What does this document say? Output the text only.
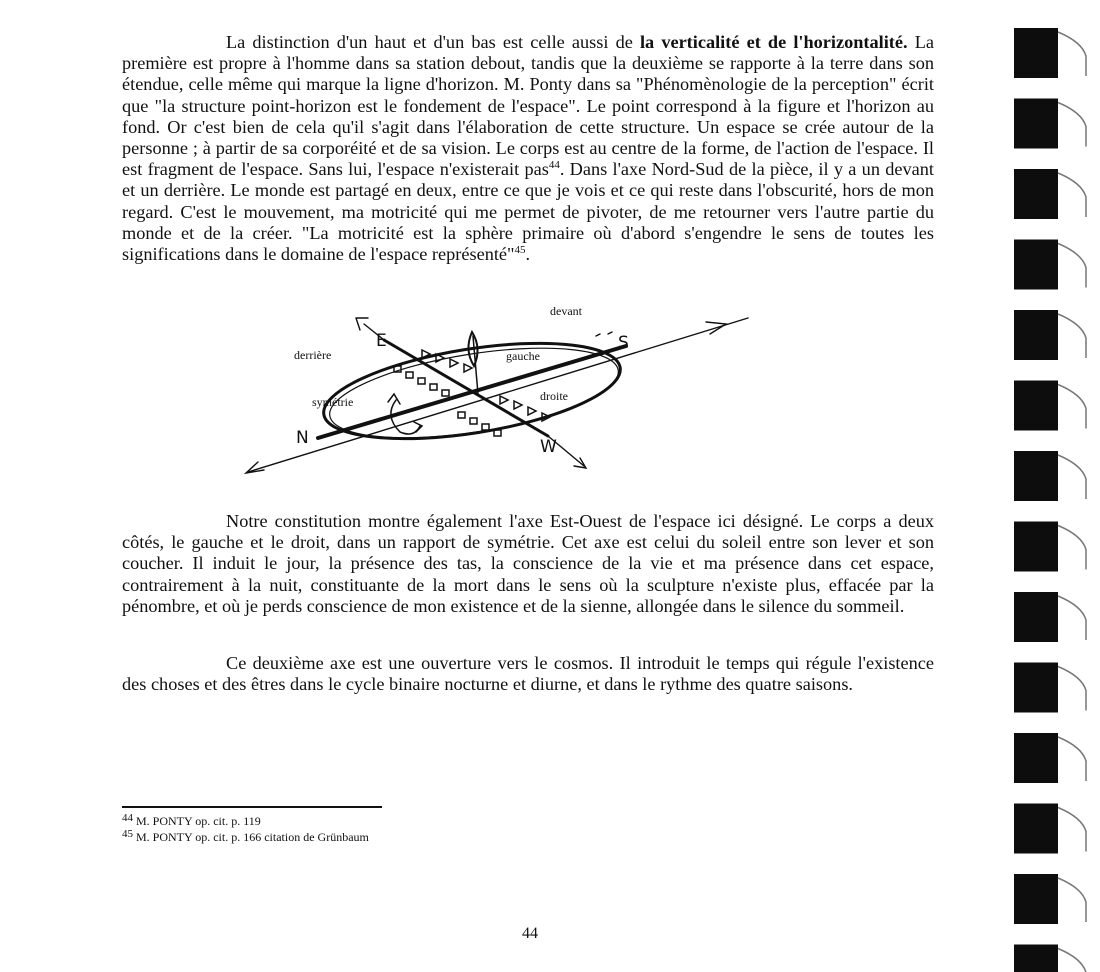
La distinction d'un haut et d'un bas est celle aussi de la verticalité et de l'horizontalité. La première est propre à l'homme dans sa station debout, tandis que la deuxième se rapporte à la terre dans son étendue, celle même qui marque la ligne d'horizon. M. Ponty dans sa "Phénomènologie de la perception" écrit que "la structure point-horizon est le fondement de l'espace". Le point correspond à la figure et l'horizon au fond. Or c'est bien de cela qu'il s'agit dans l'élaboration de cette structure. Un espace se crée autour de la personne ; à partir de sa corporéité et de sa vision. Le corps est au centre de la forme, de l'action de l'espace. Il est fragment de l'espace. Sans lui, l'espace n'existerait pas$^{44}$. Dans l'axe Nord-Sud de la pièce, il y a un devant et un derrière. Le monde est partagé en deux, entre ce que je vois et ce qui reste dans l'obscurité, hors de mon regard. C'est le mouvement, ma motricité qui me permet de pivoter, de me retourner vers l'autre partie du monde et de la créer. "La motricité est la sphère primaire où d'abord s'engendre le sens de toutes les significations dans le domaine de l'espace représenté"$^{45}$.
devant
derrière	gauche
droite
symétrie
N
S
E
W
Notre constitution montre également l'axe Est-Ouest de l'espace ici désigné. Le corps a deux côtés, le gauche et le droit, dans un rapport de symétrie. Cet axe est celui du soleil entre son lever et son coucher. Il induit le jour, la présence des tas, la conscience de la vie et ma présence dans cet espace, contrairement à la nuit, constituante de la mort dans le sens où la sculpture n'existe plus, effacée par la pénombre, et où je perds conscience de mon existence et de la sienne, allongée dans le silence du sommeil.
Ce deuxième axe est une ouverture vers le cosmos. Il introduit le temps qui régule l'existence des choses et des êtres dans le cycle binaire nocturne et diurne, et dans le rythme des quatre saisons.
44 M. PONTY op. cit. p. 119
45 M. PONTY op. cit. p. 166 citation de Grünbaum
44
